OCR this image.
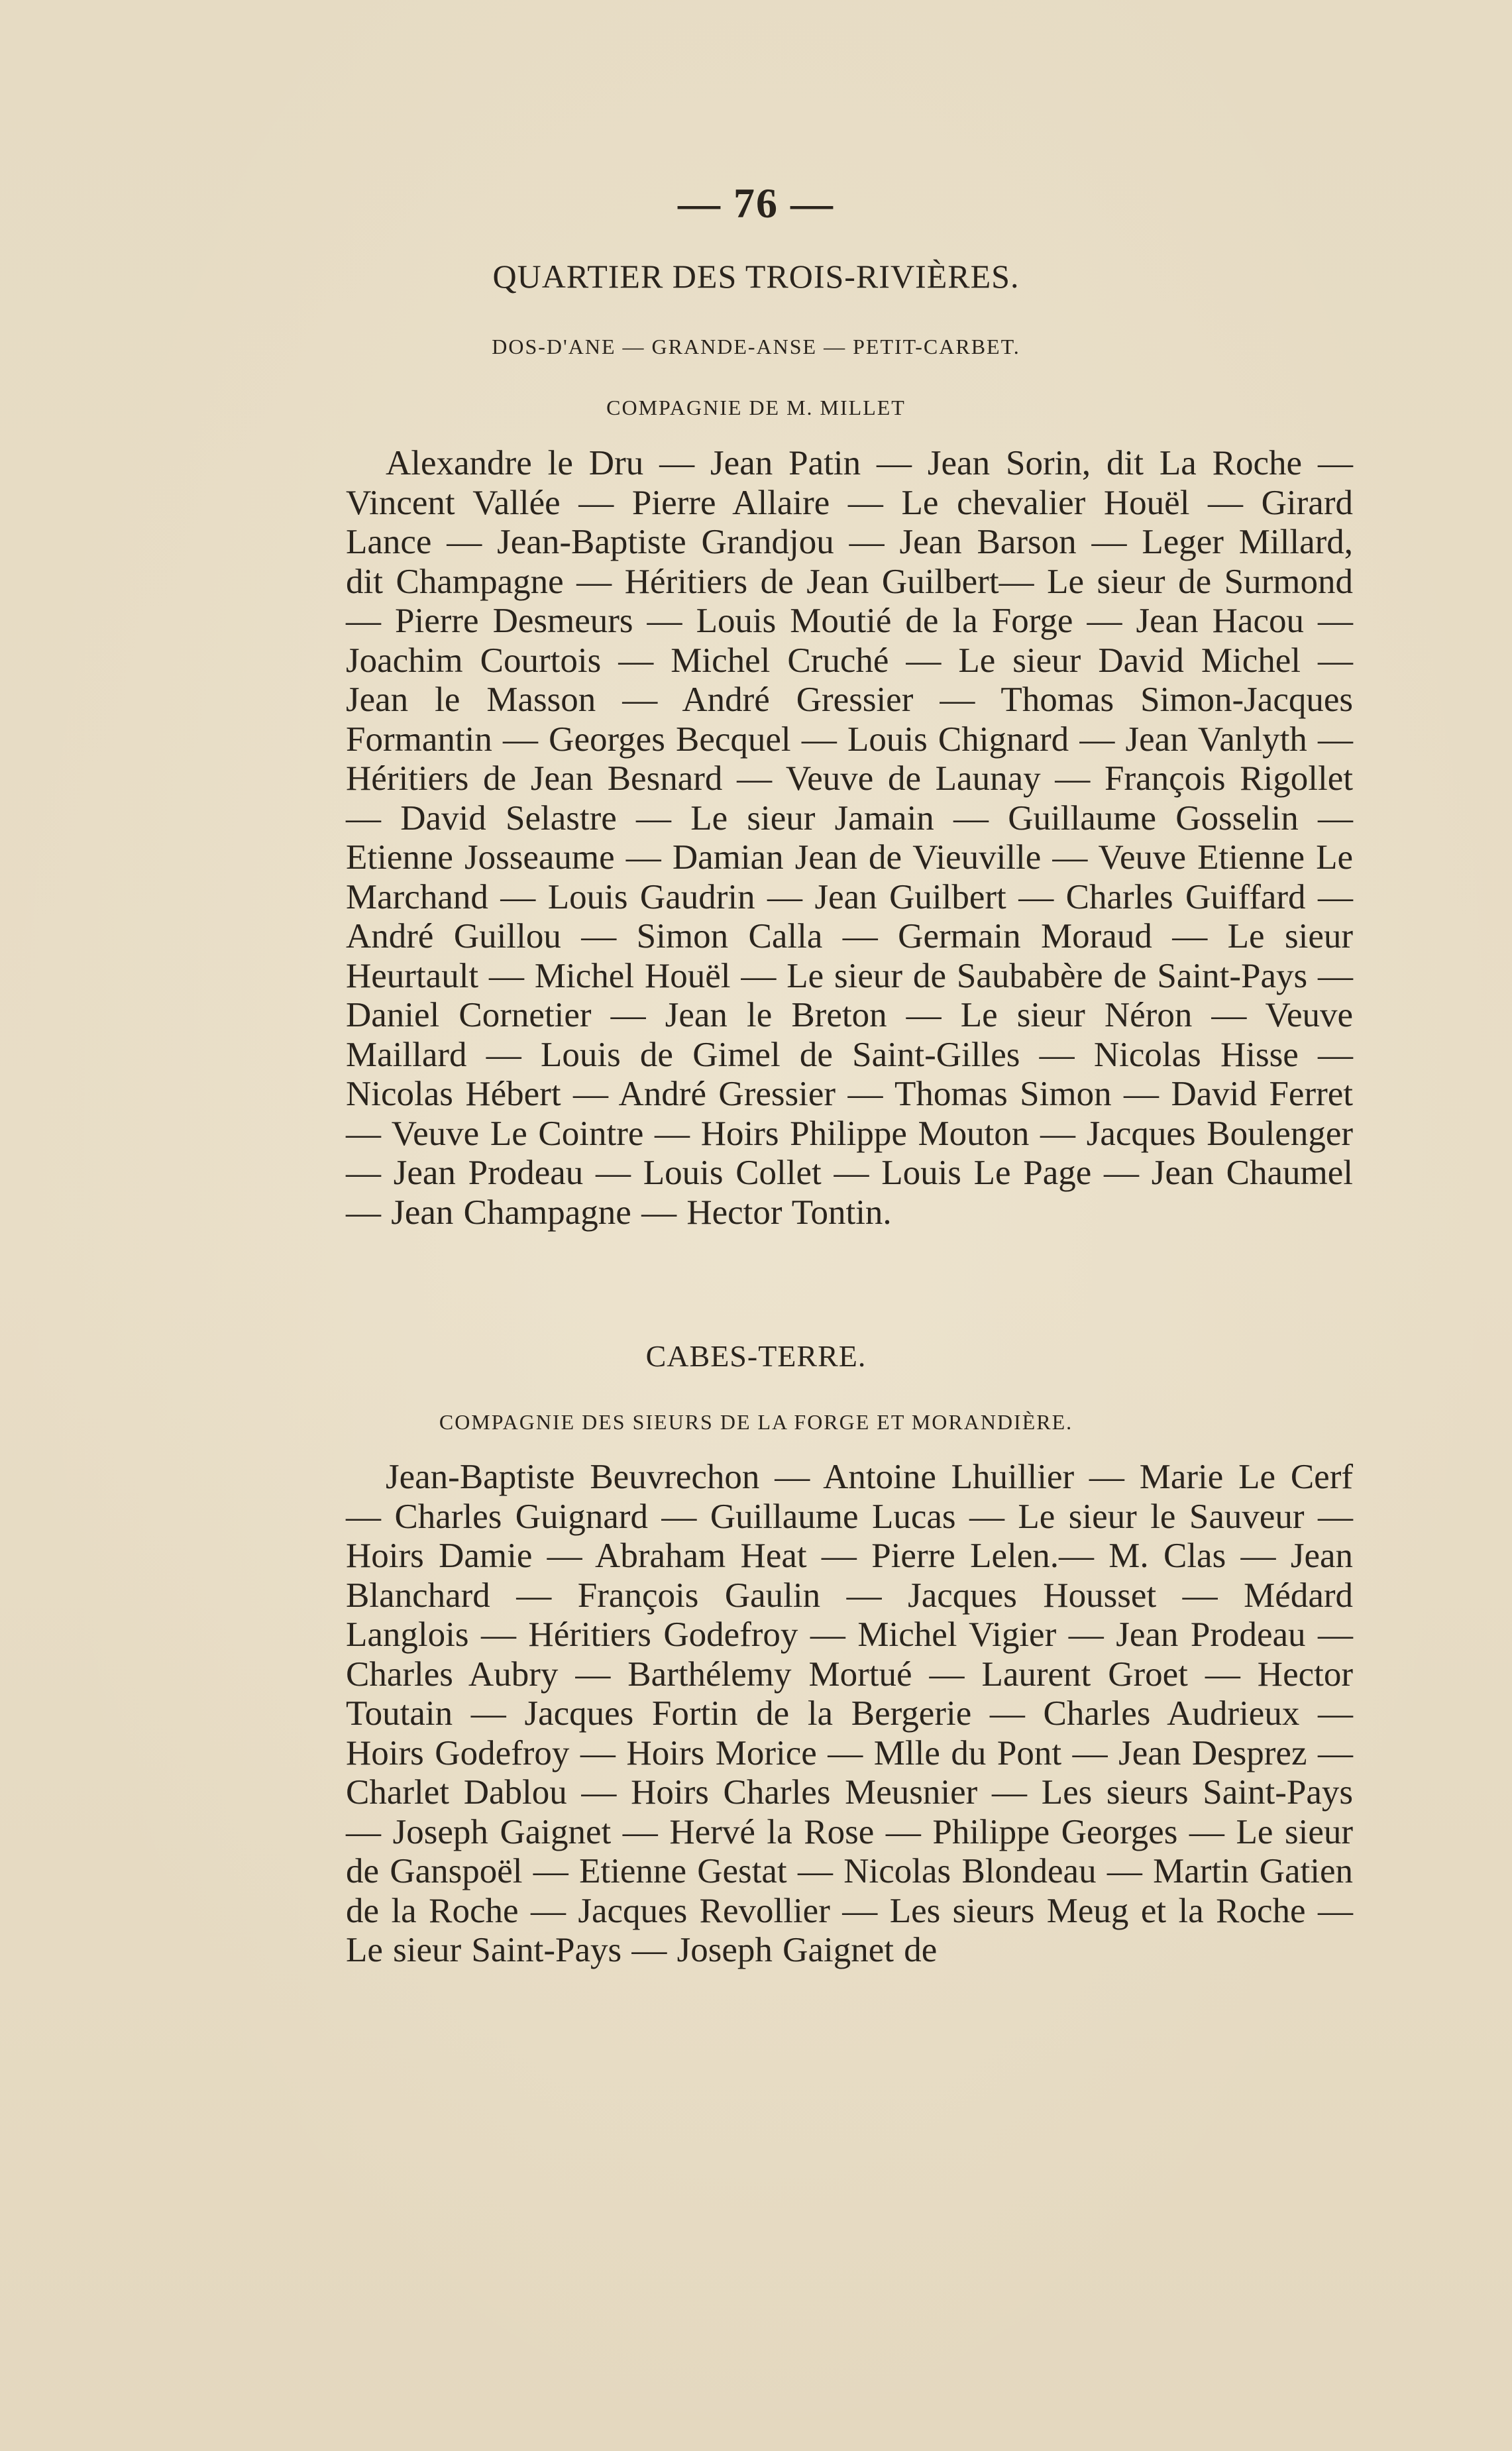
— 76 —
QUARTIER DES TROIS-RIVIÈRES.
DOS-D'ANE — GRANDE-ANSE — PETIT-CARBET.
COMPAGNIE DE M. MILLET
Alexandre le Dru — Jean Patin — Jean Sorin, dit La Roche — Vincent Vallée — Pierre Allaire — Le chevalier Houël — Girard Lance — Jean-Baptiste Grandjou — Jean Barson — Leger Millard, dit Champagne — Héritiers de Jean Guilbert— Le sieur de Surmond — Pierre Desmeurs — Louis Moutié de la Forge — Jean Hacou — Joachim Courtois — Michel Cruché — Le sieur David Michel — Jean le Masson — André Gressier — Thomas Simon-Jacques Formantin — Georges Becquel — Louis Chignard — Jean Vanlyth — Héritiers de Jean Besnard — Veuve de Launay — François Rigollet — David Selastre — Le sieur Jamain — Guillaume Gosselin — Etienne Josseaume — Damian Jean de Vieuville — Veuve Etienne Le Marchand — Louis Gaudrin — Jean Guilbert — Charles Guiffard — André Guillou — Simon Calla — Germain Moraud — Le sieur Heurtault — Michel Houël — Le sieur de Saubabère de Saint-Pays — Daniel Cornetier — Jean le Breton — Le sieur Néron — Veuve Maillard — Louis de Gimel de Saint-Gilles — Nicolas Hisse — Nicolas Hébert — André Gressier — Thomas Simon — David Ferret — Veuve Le Cointre — Hoirs Philippe Mouton — Jacques Boulenger — Jean Prodeau — Louis Collet — Louis Le Page — Jean Chaumel — Jean Champagne — Hector Tontin.
CABES-TERRE.
COMPAGNIE DES SIEURS DE LA FORGE ET MORANDIÈRE.
Jean-Baptiste Beuvrechon — Antoine Lhuillier — Marie Le Cerf — Charles Guignard — Guillaume Lucas — Le sieur le Sauveur — Hoirs Damie — Abraham Heat — Pierre Lelen.— M. Clas — Jean Blanchard — François Gaulin — Jacques Housset — Médard Langlois — Héritiers Godefroy — Michel Vigier — Jean Prodeau — Charles Aubry — Barthélemy Mortué — Laurent Groet — Hector Toutain — Jacques Fortin de la Bergerie — Charles Audrieux — Hoirs Godefroy — Hoirs Morice — Mlle du Pont — Jean Desprez — Charlet Dablou — Hoirs Charles Meusnier — Les sieurs Saint-Pays — Joseph Gaignet — Hervé la Rose — Philippe Georges — Le sieur de Ganspoël — Etienne Gestat — Nicolas Blondeau — Martin Gatien de la Roche — Jacques Revollier — Les sieurs Meug et la Roche — Le sieur Saint-Pays — Joseph Gaignet de
